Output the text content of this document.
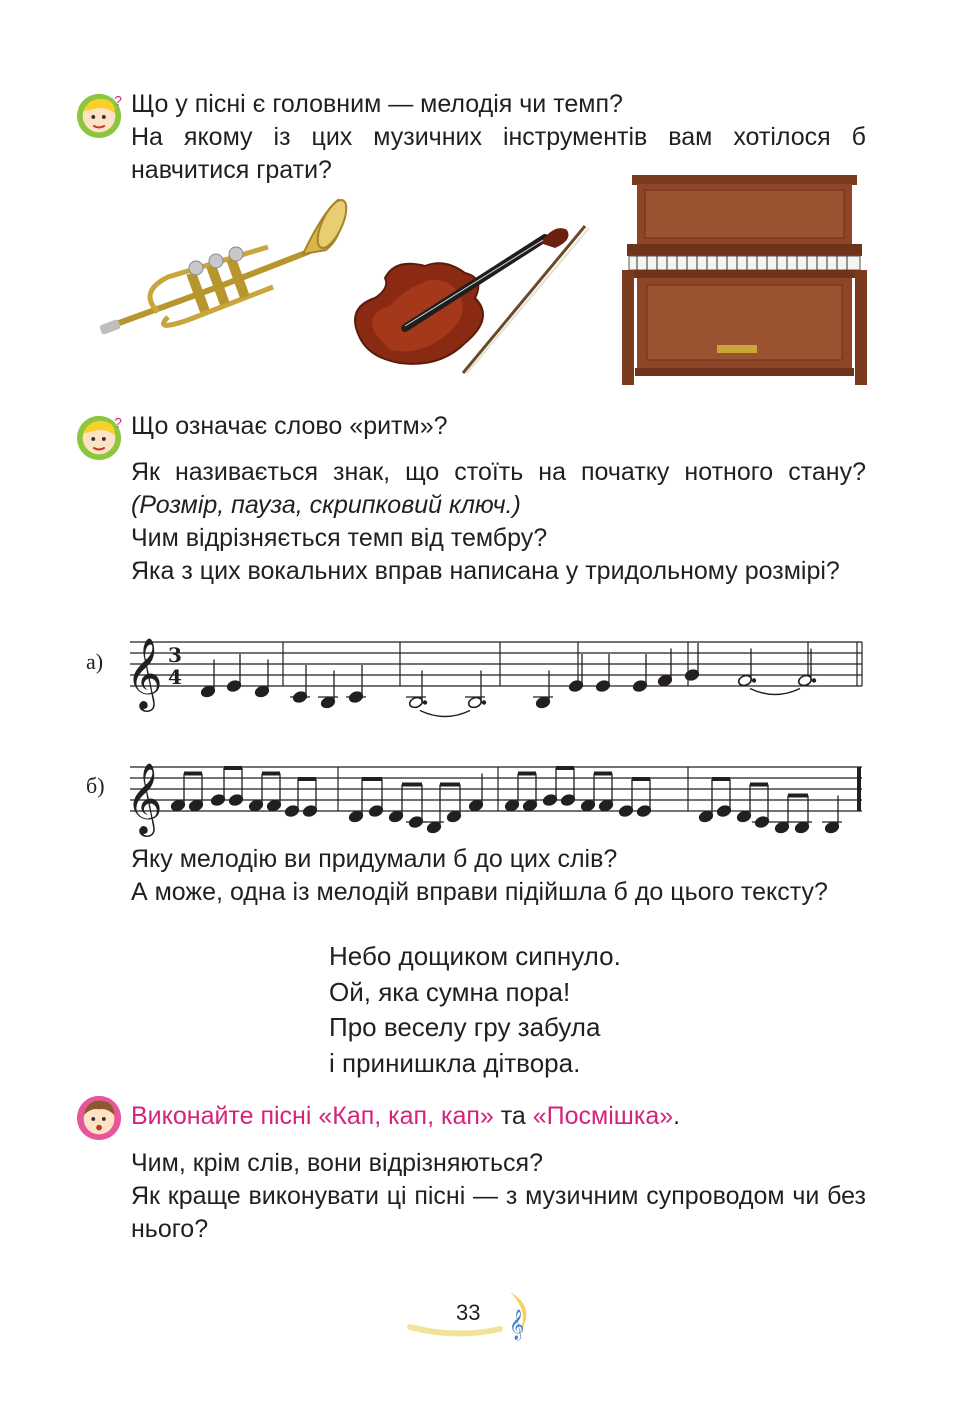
? Що у пісні є головним — мелодія чи темп?

На якому із цих музичних інструментів вам хотілося б навчитися грати?

? Що означає слово «ритм»?

Як називається знак, що стоїть на початку нотного стану? (Розмір, пауза, скрипковий ключ.)

Чим відрізняється темп від тембру?

Яка з цих вокальних вправ написана у тридольному розмірі?

а) 𝄞 3
4
б) 𝄞

Яку мелодію ви придумали б до цих слів?

А може, одна із мелодій вправи підійшла б до цього тексту?

Небо дощиком сипнуло.
Ой, яка сумна пора!
Про веселу гру забула
і принишкла дітвора.

Виконайте пісні «Кап, кап, кап» та «Посмішка».

Чим, крім слів, вони відрізняються?

Як краще виконувати ці пісні — з музичним супроводом чи без нього?

𝄞
33
